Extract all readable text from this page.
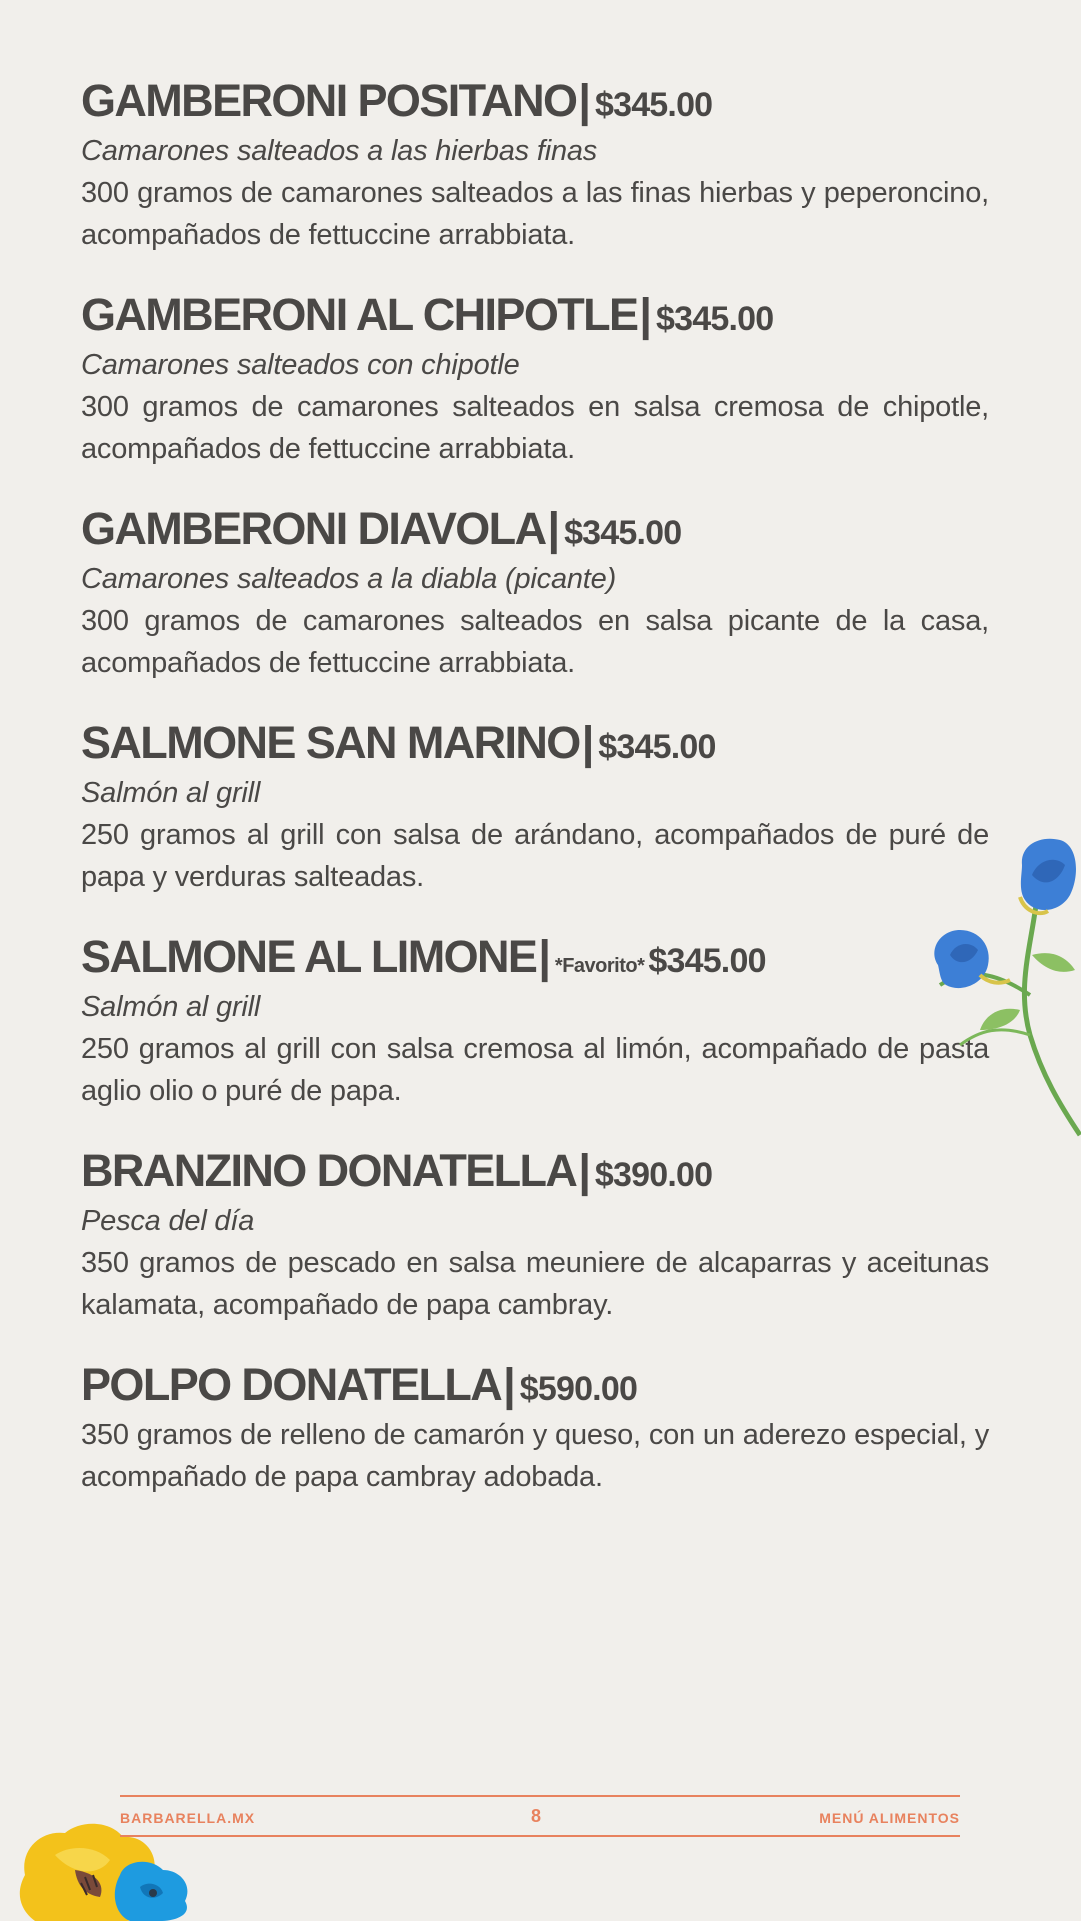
GAMBERONI POSITANO| $345.00
Camarones salteados a las hierbas finas
300 gramos de camarones salteados a las finas hierbas y peperoncino, acompañados de fettuccine arrabbiata.
GAMBERONI AL CHIPOTLE| $345.00
Camarones salteados con chipotle
300 gramos de camarones salteados en salsa cremosa de chipotle, acompañados de fettuccine arrabbiata.
GAMBERONI DIAVOLA| $345.00
Camarones salteados a la diabla (picante)
300 gramos de camarones salteados en salsa picante de la casa, acompañados de fettuccine arrabbiata.
SALMONE SAN MARINO| $345.00
Salmón al grill
250 gramos al grill con salsa de arándano, acompañados de puré de papa y verduras salteadas.
SALMONE AL LIMONE| *Favorito* $345.00
Salmón al grill
250 gramos al grill con salsa cremosa al limón, acompañado de pasta aglio olio o puré de papa.
BRANZINO DONATELLA| $390.00
Pesca del día
350 gramos de pescado en salsa meuniere de alcaparras y aceitunas kalamata, acompañado de papa cambray.
POLPO DONATELLA| $590.00
350 gramos de relleno de camarón y queso, con un aderezo especial, y acompañado de papa cambray adobada.
BARBARELLA.MX	8	MENÚ ALIMENTOS
